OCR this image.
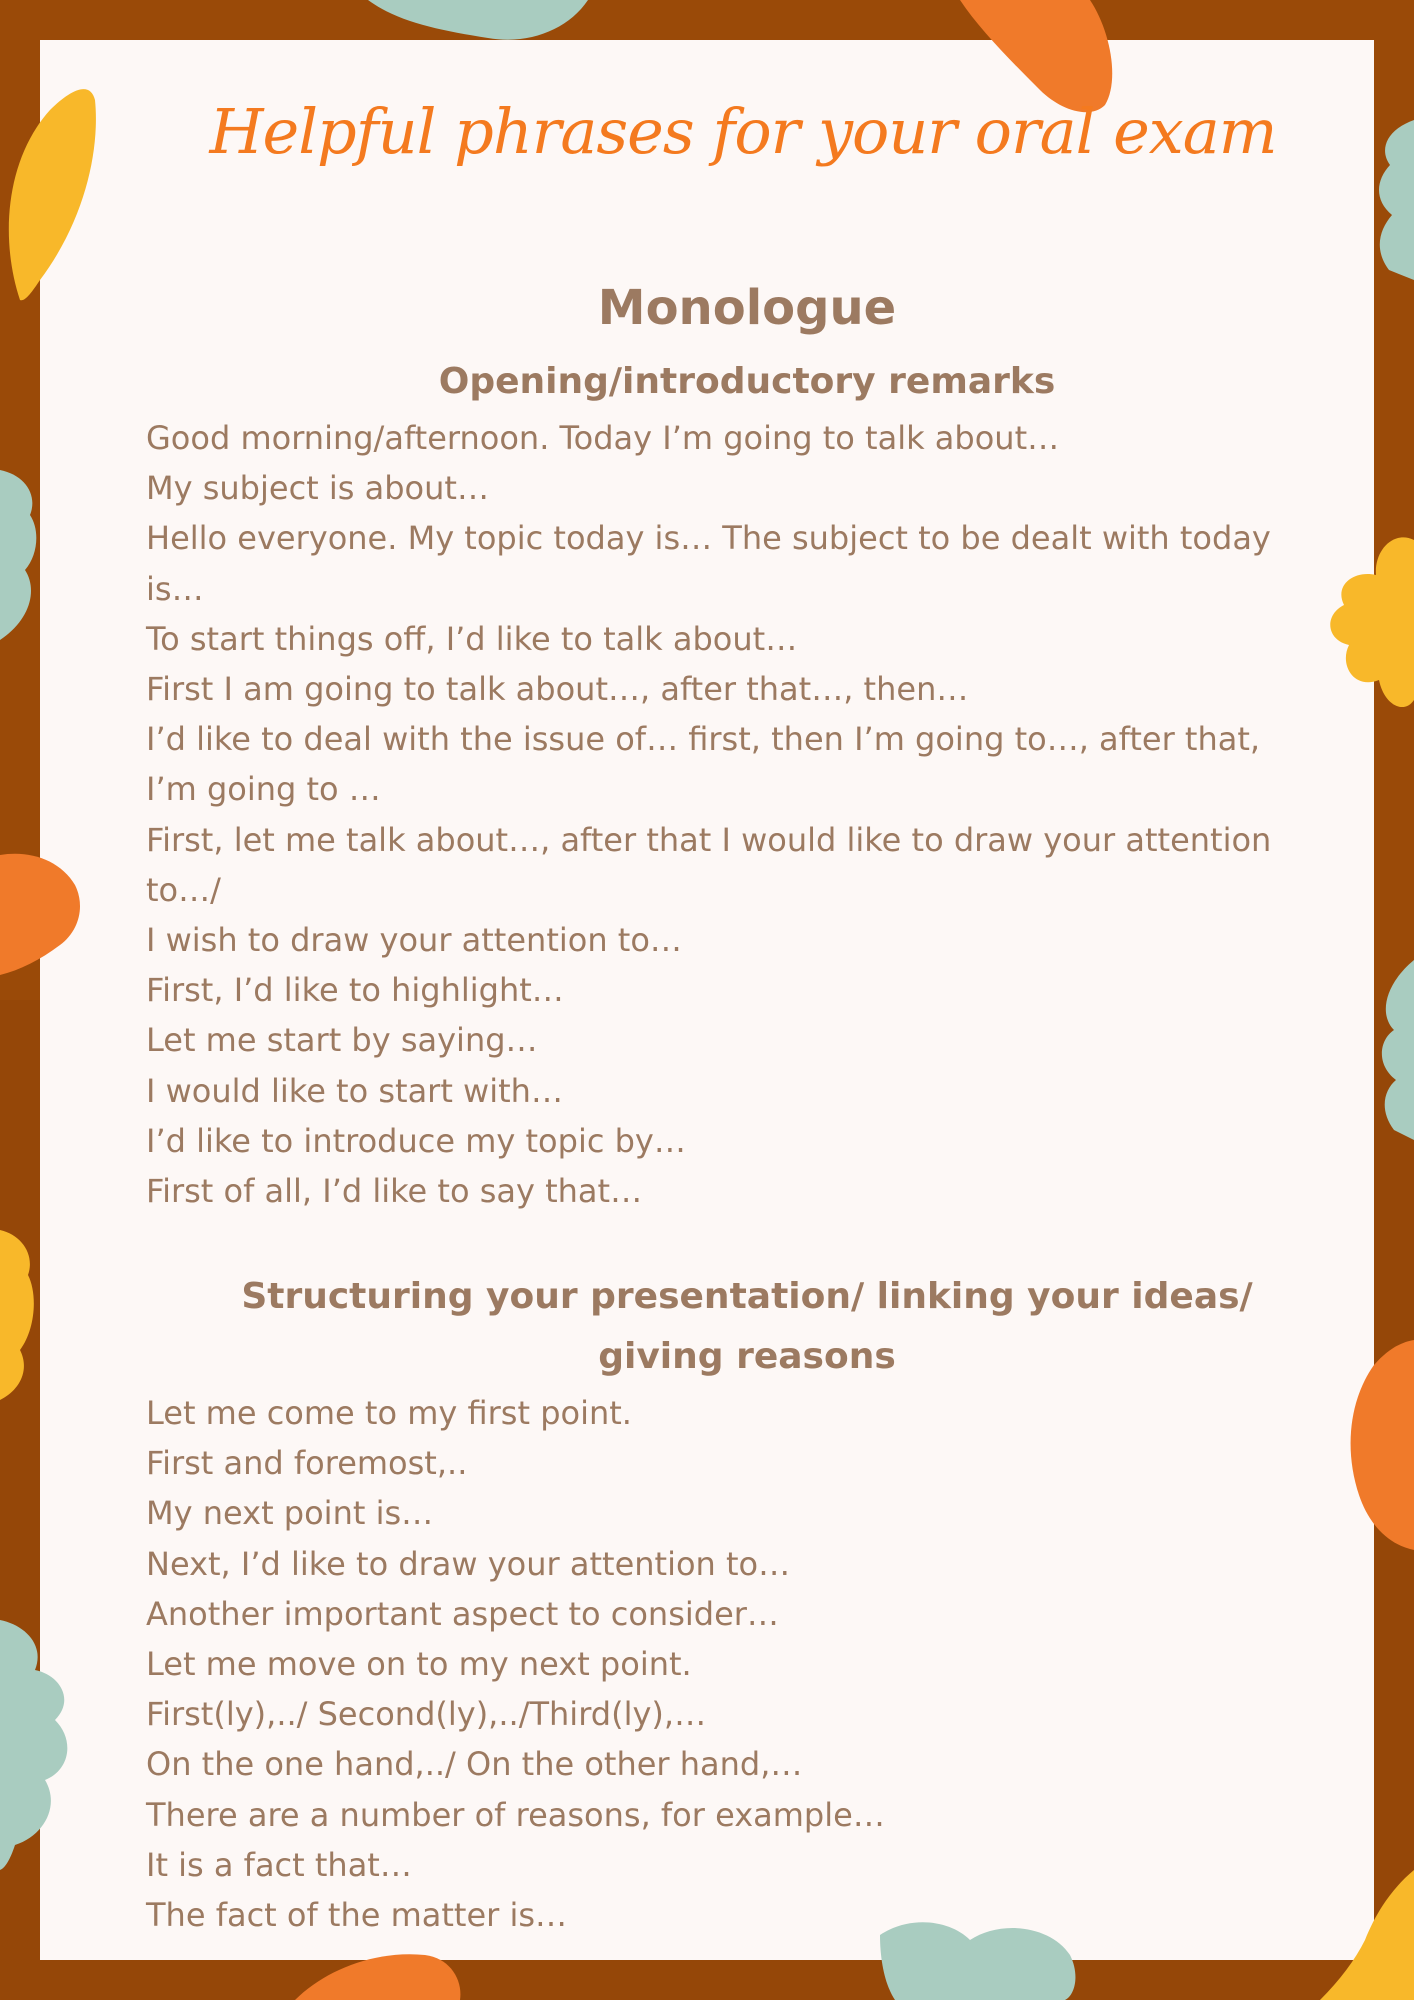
Helpful phrases for your oral exam
Monologue
Opening/introductory remarks
Good morning/afternoon. Today I’m going to talk about…
My subject is about…
Hello everyone. My topic today is… The subject to be dealt with today
is…
To start things off, I’d like to talk about…
First I am going to talk about…, after that…, then…
I’d like to deal with the issue of… first, then I’m going to…, after that,
I’m going to …
First, let me talk about…, after that I would like to draw your attention
to…/
I wish to draw your attention to…
First, I’d like to highlight…
Let me start by saying…
I would like to start with…
I’d like to introduce my topic by…
First of all, I’d like to say that…
Structuring your presentation/ linking your ideas/
giving reasons
Let me come to my first point.
First and foremost,..
My next point is…
Next, I’d like to draw your attention to…
Another important aspect to consider…
Let me move on to my next point.
First(ly),../ Second(ly),../Third(ly),…
On the one hand,../ On the other hand,…
There are a number of reasons, for example…
It is a fact that…
The fact of the matter is…
